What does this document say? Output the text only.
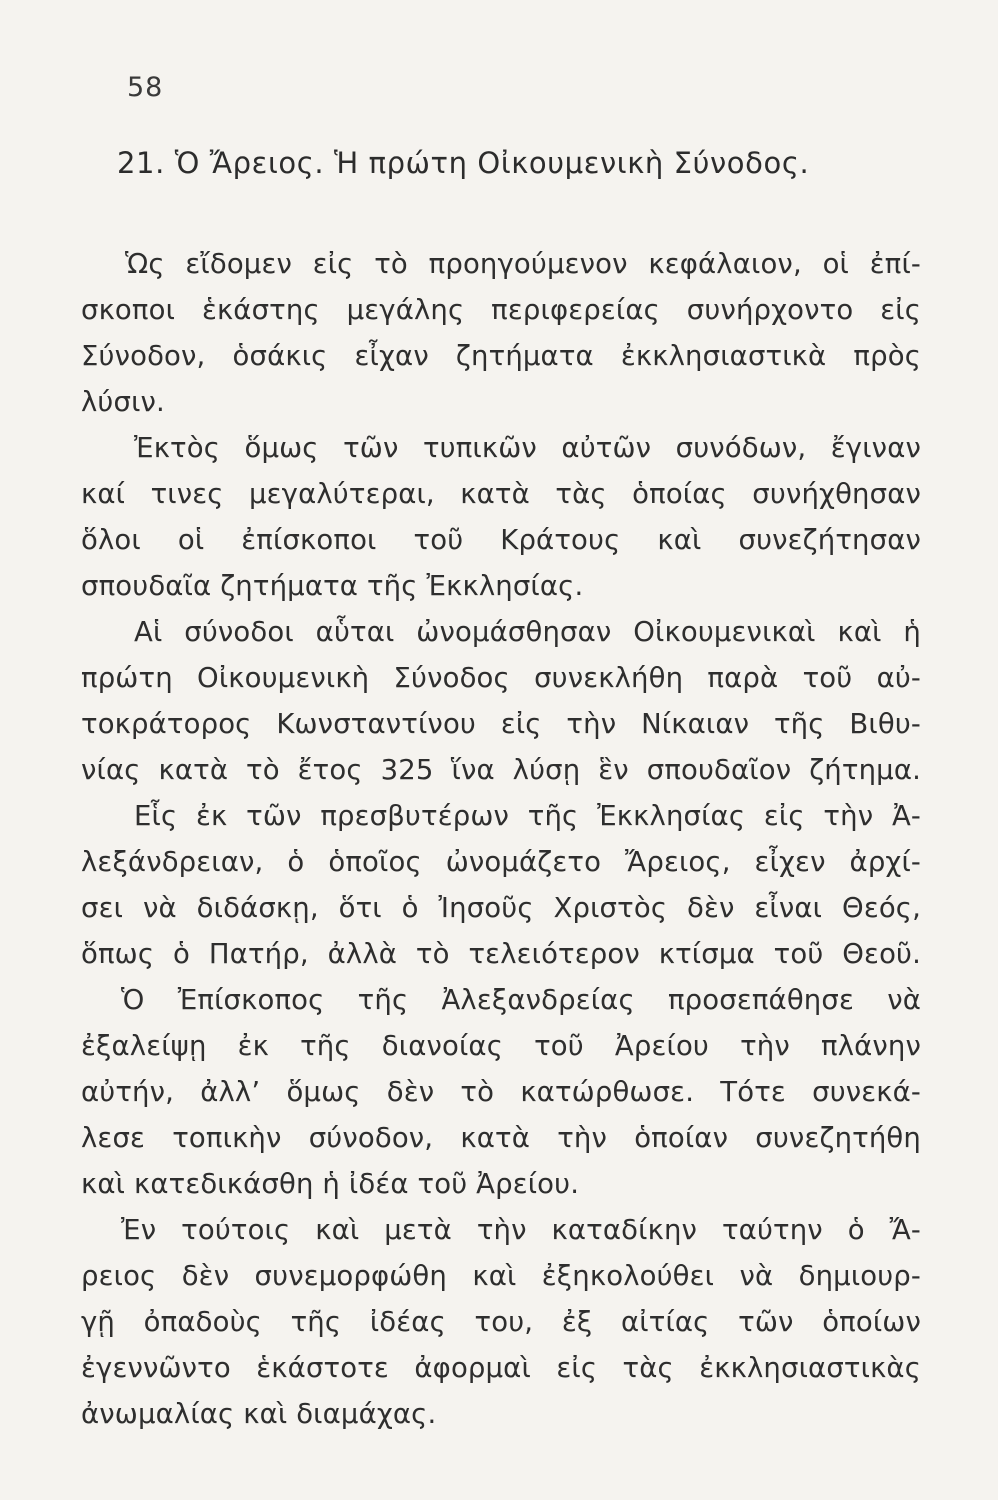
58
21. Ὁ Ἄρειος. Ἡ πρώτη Οἰκουμενικὴ Σύνοδος.
Ὡς εἴδομεν εἰς τὸ προηγούμενον κεφάλαιον, οἱ ἐπί-
σκοποι ἑκάστης μεγάλης περιφερείας συνήρχοντο εἰς
Σύνοδον, ὁσάκις εἶχαν ζητήματα ἐκκλησιαστικὰ πρὸς
λύσιν.
Ἐκτὸς ὅμως τῶν τυπικῶν αὐτῶν συνόδων, ἔγιναν
καί τινες μεγαλύτεραι, κατὰ τὰς ὁποίας συνήχθησαν
ὅλοι οἱ ἐπίσκοποι τοῦ Κράτους καὶ συνεζήτησαν
σπουδαῖα ζητήματα τῆς Ἐκκλησίας.
Αἱ σύνοδοι αὗται ὠνομάσθησαν Οἰκουμενικαὶ καὶ ἡ
πρώτη Οἰκουμενικὴ Σύνοδος συνεκλήθη παρὰ τοῦ αὐ-
τοκράτορος Κωνσταντίνου εἰς τὴν Νίκαιαν τῆς Βιθυ-
νίας κατὰ τὸ ἔτος 325 ἵνα λύσῃ ἓν σπουδαῖον ζήτημα.
Εἷς ἐκ τῶν πρεσβυτέρων τῆς Ἐκκλησίας εἰς τὴν Ἀ-
λεξάνδρειαν, ὁ ὁποῖος ὠνομάζετο Ἄρειος, εἶχεν ἀρχί-
σει νὰ διδάσκῃ, ὅτι ὁ Ἰησοῦς Χριστὸς δὲν εἶναι Θεός,
ὅπως ὁ Πατήρ, ἀλλὰ τὸ τελειότερον κτίσμα τοῦ Θεοῦ.
Ὁ Ἐπίσκοπος τῆς Ἀλεξανδρείας προσεπάθησε νὰ
ἐξαλείψῃ ἐκ τῆς διανοίας τοῦ Ἀρείου τὴν πλάνην
αὐτήν, ἀλλ’ ὅμως δὲν τὸ κατώρθωσε. Τότε συνεκά-
λεσε τοπικὴν σύνοδον, κατὰ τὴν ὁποίαν συνεζητήθη
καὶ κατεδικάσθη ἡ ἰδέα τοῦ Ἀρείου.
Ἐν τούτοις καὶ μετὰ τὴν καταδίκην ταύτην ὁ Ἄ-
ρειος δὲν συνεμορφώθη καὶ ἐξηκολούθει νὰ δημιουρ-
γῇ ὀπαδοὺς τῆς ἰδέας του, ἐξ αἰτίας τῶν ὁποίων
ἐγεννῶντο ἑκάστοτε ἀφορμαὶ εἰς τὰς ἐκκλησιαστικὰς
ἀνωμαλίας καὶ διαμάχας.
